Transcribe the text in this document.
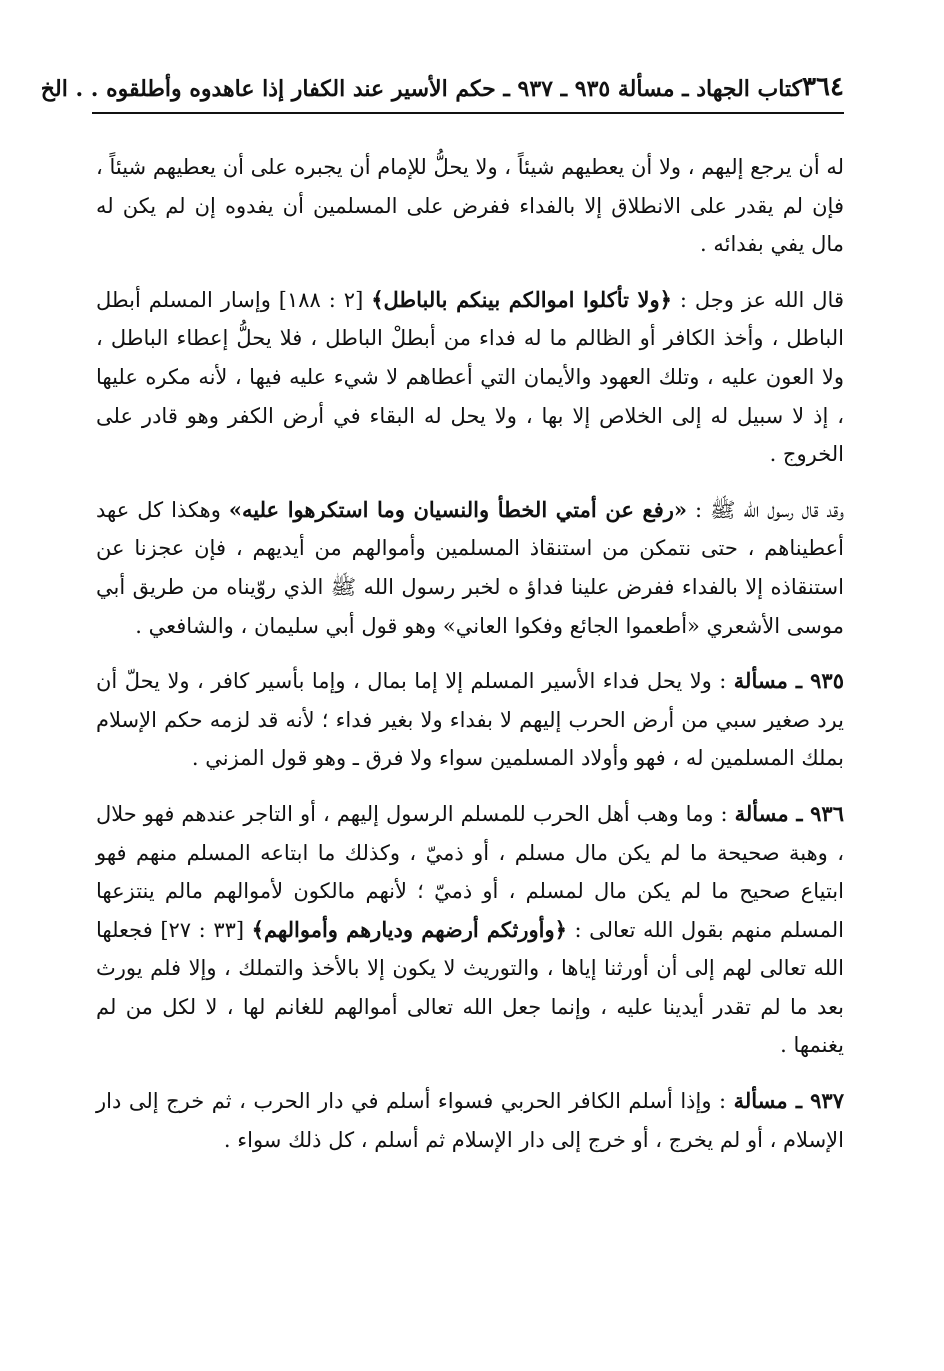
٣٦٤
كتاب الجهاد ـ مسألة ٩٣٥ ـ ٩٣٧ ـ حكم الأسير عند الكفار إذا عاهدوه وأطلقوه . . الخ

له أن يرجع إليهم ، ولا أن يعطيهم شيئاً ، ولا يحلُّ للإمام أن يجبره على أن يعطيهم شيئاً ، فإن لم يقدر على الانطلاق إلا بالفداء ففرض على المسلمين أن يفدوه إن لم يكن له مال يفي بفدائه .

قال الله عز وجل : ﴿ولا تأكلوا اموالكم بينكم بالباطل﴾ [٢ : ١٨٨] وإسار المسلم أبطل الباطل ، وأخذ الكافر أو الظالم ما له فداء من أبطلْ الباطل ، فلا يحلُّ إعطاء الباطل ، ولا العون عليه ، وتلك العهود والأيمان التي أعطاهم لا شيء عليه فيها ، لأنه مكره عليها ، إذ لا سبيل له إلى الخلاص إلا بها ، ولا يحل له البقاء في أرض الكفر وهو قادر على الخروج .

وقد قال رسول الله ﷺ : «رفع عن أمتي الخطأ والنسيان وما استكرهوا عليه» وهكذا كل عهد أعطيناهم ، حتى نتمكن من استنقاذ المسلمين وأموالهم من أيديهم ، فإن عجزنا عن استنقاذه إلا بالفداء ففرض علينا فداؤ ه لخبر رسول الله ﷺ الذي روّيناه من طريق أبي موسى الأشعري «أطعموا الجائع وفكوا العاني» وهو قول أبي سليمان ، والشافعي .

٩٣٥ ـ مسألة : ولا يحل فداء الأسير المسلم إلا إما بمال ، وإما بأسير كافر ، ولا يحلّ أن يرد صغير سبي من أرض الحرب إليهم لا بفداء ولا بغير فداء ؛ لأنه قد لزمه حكم الإسلام بملك المسلمين له ، فهو وأولاد المسلمين سواء ولا فرق ـ وهو قول المزني .

٩٣٦ ـ مسألة : وما وهب أهل الحرب للمسلم الرسول إليهم ، أو التاجر عندهم فهو حلال ، وهبة صحيحة ما لم يكن مال مسلم ، أو ذميّ ، وكذلك ما ابتاعه المسلم منهم فهو ابتياع صحيح ما لم يكن مال لمسلم ، أو ذميّ ؛ لأنهم مالكون لأموالهم مالم ينتزعها المسلم منهم بقول الله تعالى : ﴿وأورثكم أرضهم وديارهم وأموالهم﴾ [٣٣ : ٢٧] فجعلها الله تعالى لهم إلى أن أورثنا إياها ، والتوريث لا يكون إلا بالأخذ والتملك ، وإلا فلم يورث بعد ما لم تقدر أيدينا عليه ، وإنما جعل الله تعالى أموالهم للغانم لها ، لا لكل من لم يغنمها .

٩٣٧ ـ مسألة : وإذا أسلم الكافر الحربي فسواء أسلم في دار الحرب ، ثم خرج إلى دار الإسلام ، أو لم يخرج ، أو خرج إلى دار الإسلام ثم أسلم ، كل ذلك سواء .
